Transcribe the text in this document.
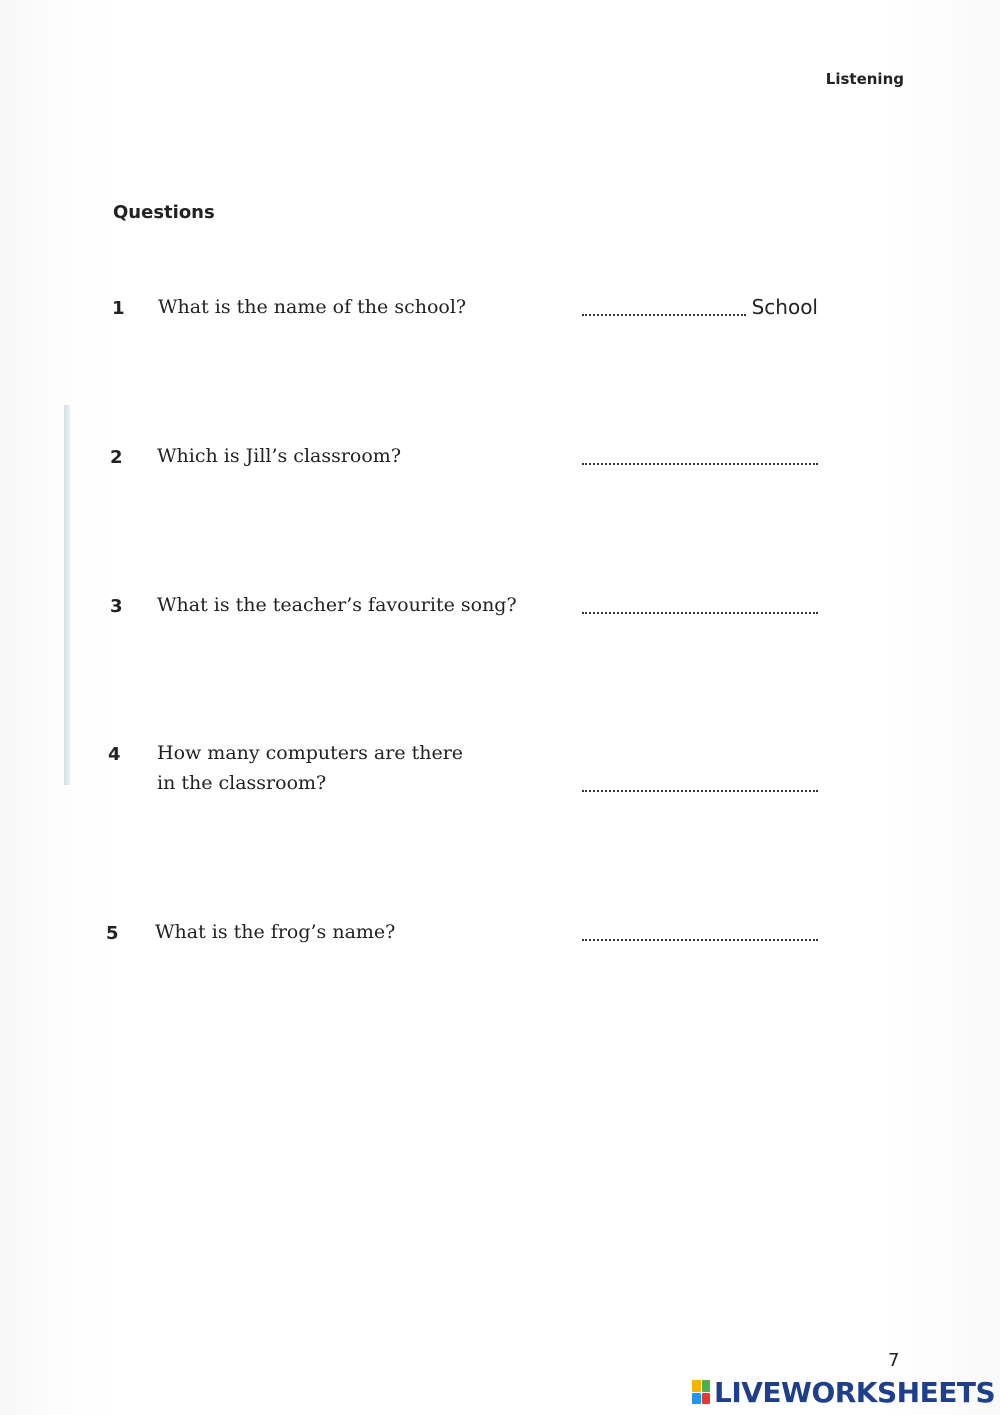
Listening
Questions
1 What is the name of the school?	School
2 Which is Jill’s classroom?
3 What is the teacher’s favourite song?
4 How many computers are there
in the classroom?
5 What is the frog’s name?
7
LIVEWORKSHEETS
